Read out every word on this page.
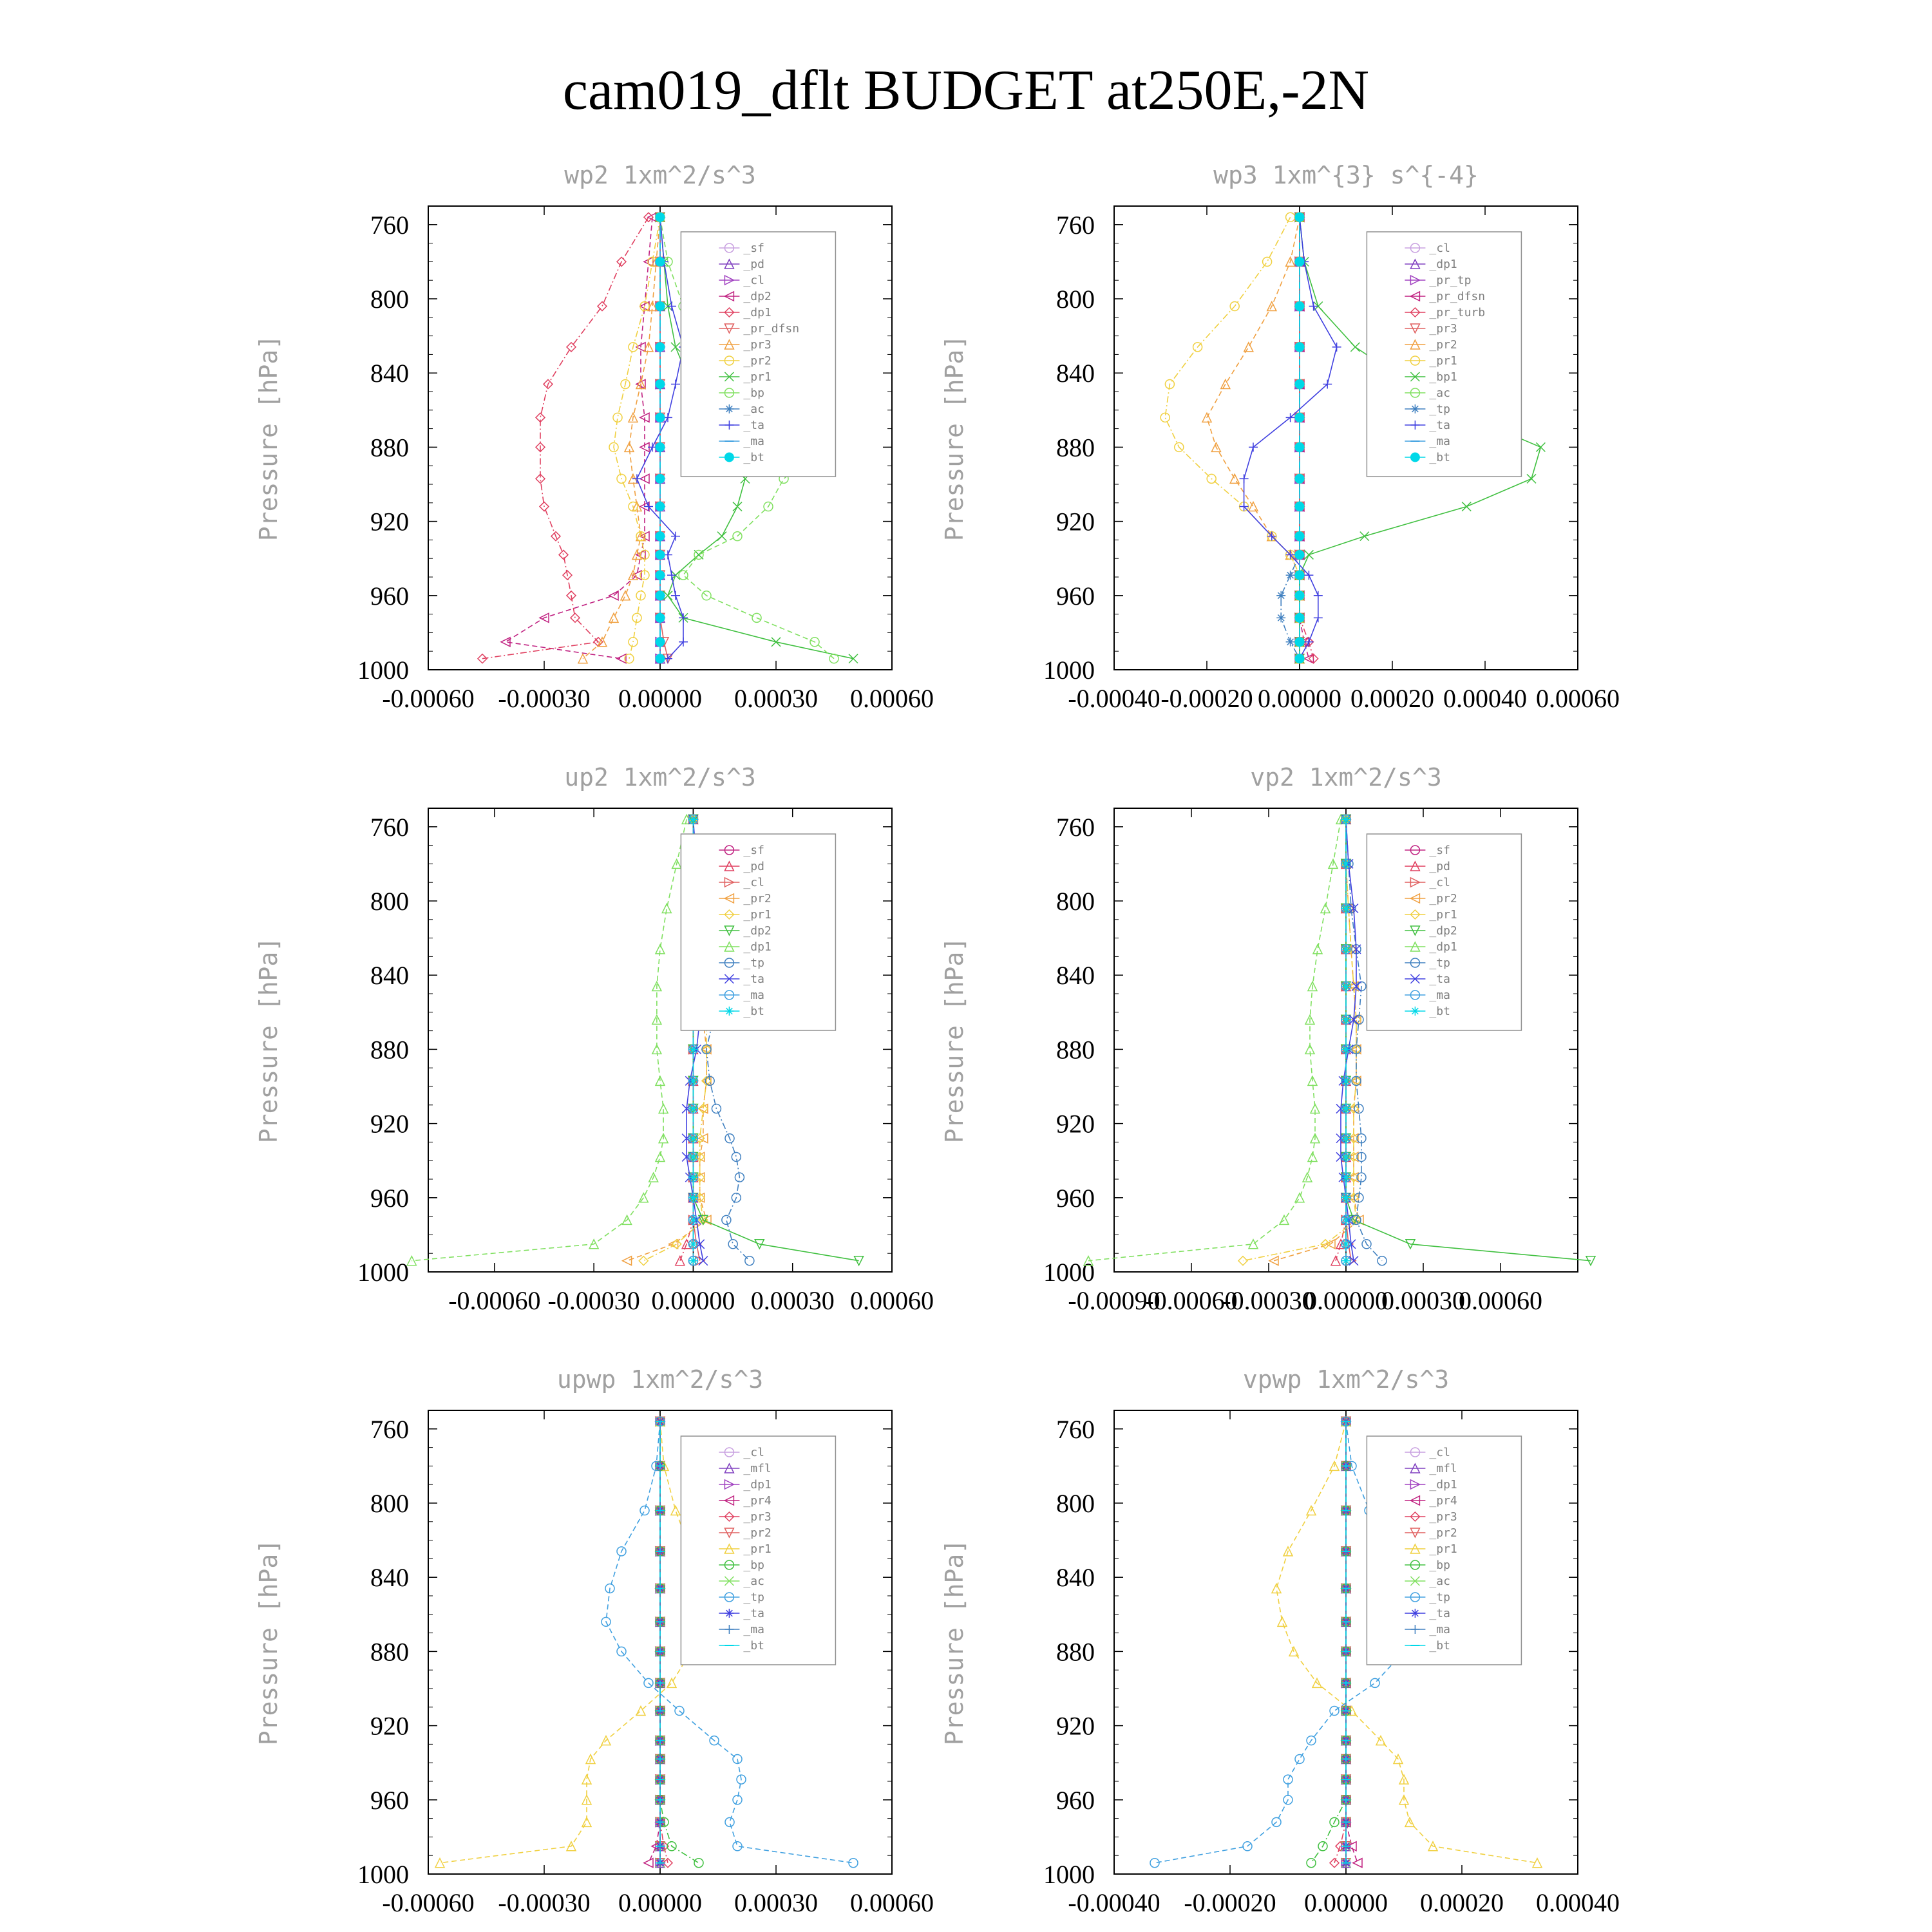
cam019_dflt BUDGET at250E,-2N
wp2 1xm^2/s^3
Pressure [hPa]
760
800
840
880
920
960
1000
-0.00060 -0.00030 0.00000 0.00030 0.00060
_sf
_pd
_cl
_dp2
_dp1
_pr_dfsn
_pr3
_pr2
_pr1
_bp
_ac
_ta
_ma
_bt
wp3 1xm^{3} s^{-4}
Pressure [hPa]
760
800
840
880
920
960
1000
-0.00040 -0.00020 0.00000 0.00020 0.00040 0.00060
_cl
_dp1
_pr_tp
_pr_dfsn
_pr_turb
_pr3
_pr2
_pr1
_bp1
_ac
_tp
_ta
_ma
_bt
up2 1xm^2/s^3
Pressure [hPa]
760
800
840
880
920
960
1000
-0.00060 -0.00030 0.00000 0.00030 0.00060
_sf
_pd
_cl
_pr2
_pr1
_dp2
_dp1
_tp
_ta
_ma
_bt
vp2 1xm^2/s^3
Pressure [hPa]
760
800
840
880
920
960
1000
-0.00090
-0.00060
-0.00030
0.00000
0.00030
0.00060
_sf
_pd
_cl
_pr2
_pr1
_dp2
_dp1
_tp
_ta
_ma
_bt
upwp 1xm^2/s^3
Pressure [hPa]
760
800
840
880
920
960
1000
-0.00060 -0.00030 0.00000 0.00030 0.00060
_cl
_mfl
_dp1
_pr4
_pr3
_pr2
_pr1
_bp
_ac
_tp
_ta
_ma
_bt
vpwp 1xm^2/s^3
Pressure [hPa]
760
800
840
880
920
960
1000
-0.00040 -0.00020 0.00000 0.00020 0.00040
_cl
_mfl
_dp1
_pr4
_pr3
_pr2
_pr1
_bp
_ac
_tp
_ta
_ma
_bt
